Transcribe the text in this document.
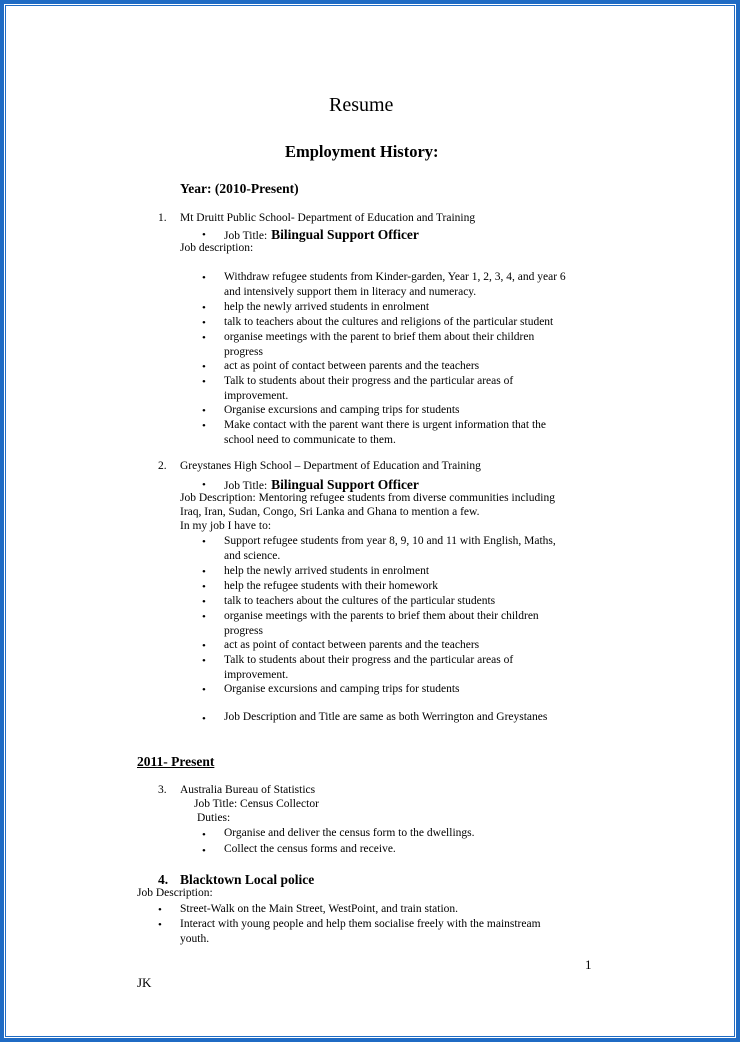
Resume
Employment History:
Year: (2010-Present)
1. Mt Druitt Public School- Department of Education and Training
• Job Title: Bilingual Support Officer
Job description:
• Withdraw refugee students from Kinder-garden, Year 1, 2, 3, 4, and year 6
and intensively support them in literacy and numeracy.
• help the newly arrived students in enrolment
• talk to teachers about the cultures and religions of the particular student
• organise meetings with the parent to brief them about their children
progress
• act as point of contact between parents and the teachers
• Talk to students about their progress and the particular areas of
improvement.
• Organise excursions and camping trips for students
• Make contact with the parent want there is urgent information that the
school need to communicate to them.
2. Greystanes High School – Department of Education and Training
• Job Title: Bilingual Support Officer
Job Description: Mentoring refugee students from diverse communities including
Iraq, Iran, Sudan, Congo, Sri Lanka and Ghana to mention a few.
In my job I have to:
• Support refugee students from year 8, 9, 10 and 11 with English, Maths,
and science.
• help the newly arrived students in enrolment
• help the refugee students with their homework
• talk to teachers about the cultures of the particular students
• organise meetings with the parents to brief them about their children
progress
• act as point of contact between parents and the teachers
• Talk to students about their progress and the particular areas of
improvement.
• Organise excursions and camping trips for students
• Job Description and Title are same as both Werrington and Greystanes
2011- Present
3. Australia Bureau of Statistics
Job Title: Census Collector
Duties:
• Organise and deliver the census form to the dwellings.
• Collect the census forms and receive.
4. Blacktown Local police
Job Description:
• Street-Walk on the Main Street, WestPoint, and train station.
• Interact with young people and help them socialise freely with the mainstream
youth.
1
JK
